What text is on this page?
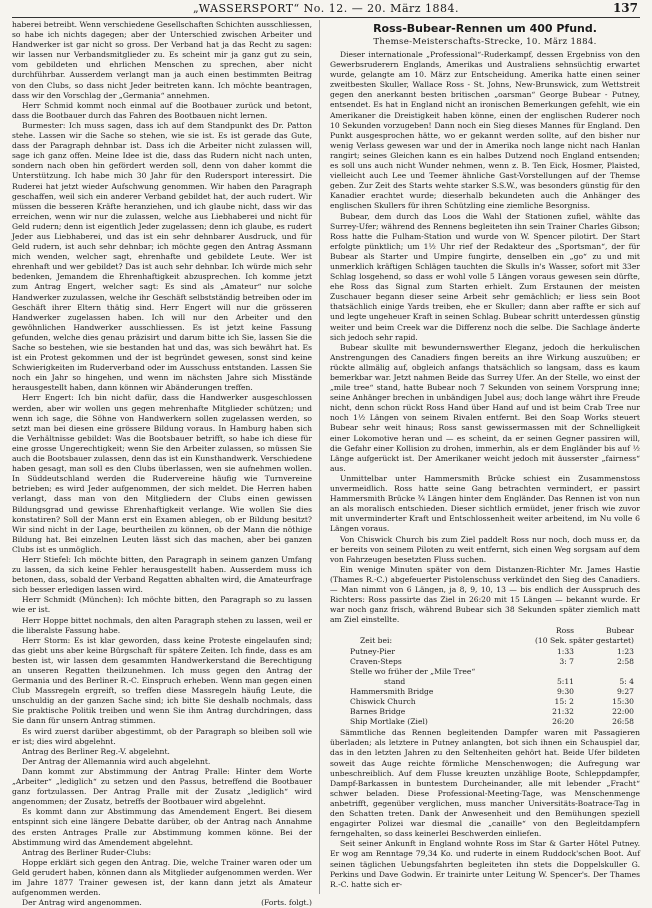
„WASSERSPORT“ No. 12. — 20. März 1884.	137

haberei betreibt. Wenn verschiedene Gesellschaften Schichten ausschliessen, so habe ich nichts dagegen; aber der Unterschied zwischen Arbeiter und Handwerker ist gar nicht so gross. Der Verband hat ja das Recht zu sagen: wir lassen nur Verbandsmitglieder zu. Es scheint mir ja ganz gut zu sein, vom gebildeten und ehrlichen Menschen zu sprechen, aber nicht durchführbar. Ausserdem verlangt man ja auch einen bestimmten Beitrag von den Clubs, so dass nicht Jeder beitreten kann. Ich möchte beantragen, dass wir den Vorschlag der „Germania“ annehmen.

Herr Schmid kommt noch einmal auf die Bootbauer zurück und betont, dass die Bootbauer durch das Fahren des Bootbauen nicht lernen.

Burmester: Ich muss sagen, dass ich auf dem Standpunkt des Dr. Patton stehe. Lassen wir die Sache so stehen, wie sie ist. Es ist gerade das Gute, dass der Paragraph dehnbar ist. Dass ich die Arbeiter nicht zulassen will, sage ich ganz offen. Meine Idee ist die, dass das Rudern nicht nach unten, sondern nach oben hin gefördert werden soll, denn von daher kommt die Unterstützung. Ich habe mich 30 Jahr für den Rudersport interessirt. Die Ruderei hat jetzt wieder Aufschwung genommen. Wir haben den Paragraph geschaffen, weil sich ein anderer Verband gebildet hat, der auch rudert. Wir müssen die besseren Kräfte heranziehen, und ich glaube nicht, dass wir das erreichen, wenn wir nur die zulassen, welche aus Liebhaberei und nicht für Geld rudern; denn ist eigentlich Jeder zugelassen; denn ich glaube, es rudert Jeder aus Liebhaberei, und das ist ein sehr dehnbarer Ausdruck, und für Geld rudern, ist auch sehr dehnbar; ich möchte gegen den Antrag Assmann mich wenden, welcher sagt, ehrenhafte und gebildete Leute. Wer ist ehrenhaft und wer gebildet? Das ist auch sehr dehnbar. Ich würde mich sehr bedenken, Jemandem die Ehrenhaftigkeit abzusprechen. Ich komme jetzt zum Antrag Engert, welcher sagt: Es sind als „Amateur“ nur solche Handwerker zuzulassen, welche ihr Geschäft selbstständig betreiben oder im Geschäft ihrer Eltern thätig sind. Herr Engert will nur die grösseren Handwerker zugelassen haben. Ich will nur den Arbeiter und den gewöhnlichen Handwerker ausschliessen. Es ist jetzt keine Fassung gefunden, welche dies genau präzisirt und darum bitte ich Sie, lassen Sie die Sache so bestehen, wie sie bestanden hat und das, was sich bewährt hat. Es ist ein Protest gekommen und der ist begründet gewesen, sonst sind keine Schwierigkeiten im Ruderverband oder im Ausschuss entstanden. Lassen Sie noch ein Jahr so hingehen, und wenn im nächsten Jahre sich Misstände herausgestellt haben, dann können wir Abänderungen treffen.

Herr Engert: Ich bin nicht dafür, dass die Handwerker ausgeschlossen werden, aber wir wollen uns gegen mehrenhafte Mitglieder schützen; und wenn ich sage, die Söhne von Handwerkern sollen zugelassen werden, so setzt man bei diesen eine grössere Bildung voraus. In Hamburg haben sich die Verhältnisse gebildet: Was die Bootsbauer betrifft, so habe ich diese für eine grosse Ungerechtigkeit; wenn Sie den Arbeiter zulassen, so müssen Sie auch die Bootsbauer zulassen, denn das ist ein Kunsthandwerk. Verschiedene haben gesagt, man soll es den Clubs überlassen, wen sie aufnehmen wollen. In Süddeutschland werden die Rudervereine häufig wie Turnvereine betrieben; es wird Jeder aufgenommen, der sich meldet. Die Herren haben verlangt, dass man von den Mitgliedern der Clubs einen gewissen Bildungsgrad und gewisse Ehrenhaftigkeit verlange. Wie wollen Sie dies konstatiren? Soll der Mann erst ein Examen ablegen, ob er Bildung besitzt? Wir sind nicht in der Lage, beurtheilen zu können, ob der Mann die nöthige Bildung hat. Bei einzelnen Leuten lässt sich das machen, aber bei ganzen Clubs ist es unmöglich.

Herr Stiefel: Ich möchte bitten, den Paragraph in seinem ganzen Umfang zu lassen, da sich keine Fehler herausgestellt haben. Ausserdem muss ich betonen, dass, sobald der Verband Regatten abhalten wird, die Amateurfrage sich besser erledigen lassen wird.

Herr Schmidt (München): Ich möchte bitten, den Paragraph so zu lassen wie er ist.

Herr Hoppe bittet nochmals, den alten Paragraph stehen zu lassen, weil er die liberalste Fassung habe.

Herr Storm: Es ist klar geworden, dass keine Proteste eingelaufen sind; das giebt uns aber keine Bürgschaft für spätere Zeiten. Ich finde, dass es am besten ist, wir lassen dem gesammten Handwerkerstand die Berechtigung an unseren Regatten theilzunehmen. Ich muss gegen den Antrag der Germania und des Berliner R.-C. Einspruch erheben. Wenn man gegen einen Club Massregeln ergreift, so treffen diese Massregeln häufig Leute, die unschuldig an der ganzen Sache sind; ich bitte Sie deshalb nochmals, dass Sie praktische Politik treiben und wenn Sie ihm Antrag durchdringen, dass Sie dann für unsern Antrag stimmen.

Es wird zuerst darüber abgestimmt, ob der Paragraph so bleiben soll wie er ist; dies wird abgelehnt.

Antrag des Berliner Reg.-V. abgelehnt.

Der Antrag der Allemannia wird auch abgelehnt.

Dann kommt zur Abstimmung der Antrag Pralle: Hinter dem Worte „Arbeiter“ „lediglich“ zu setzen und den Passus, betreffend die Bootbauer ganz fortzulassen. Der Antrag Pralle mit der Zusatz „lediglich“ wird angenommen; der Zusatz, betreffs der Bootbauer wird abgelehnt.

Es kommt dann zur Abstimmung das Amendement Engert. Bei diesem entspinnt sich eine längere Debatte darüber, ob der Antrag nach Annahme des ersten Antrages Pralle zur Abstimmung kommen könne. Bei der Abstimmung wird das Amendement abgelehnt.

Antrag des Berliner Ruder-Clubs:

Hoppe erklärt sich gegen den Antrag. Die, welche Trainer waren oder um Geld gerudert haben, können dann als Mitglieder aufgenommen werden. Wer im Jahre 1877 Trainer gewesen ist, der kann dann jetzt als Amateur aufgenommen werden.

Der Antrag wird angenommen.	(Forts. folgt.)

Ross-Bubear-Rennen um 400 Pfund.
Themse-Meisterschafts-Strecke, 10. März 1884.

Dieser internationale „Professional“-Ruderkampf, dessen Ergebniss von den Gewerbsruderern Englands, Amerikas und Australiens sehnsüchtig erwartet wurde, gelangte am 10. März zur Entscheidung. Amerika hatte einen seiner zweitbesten Skuller, Wallace Ross - St. Johns, New-Brunswick, zum Wettstreit gegen den anerkannt besten britischen „oarsman“ George Bubear - Putney, entsendet. Es hat in England nicht an ironischen Bemerkungen gefehlt, wie ein Amerikaner die Dreistigkeit haben könne, einen der englischen Ruderer noch 10 Sekunden vorzugeben! Dann noch ein Sieg dieses Mannes für England. Den Punkt ausgesprochen hätte, wo er gekannt werden sollte, auf den bisher nur wenig Verlass gewesen war und der in Amerika noch lange nicht nach Hanlan rangirt; seines Gleichen kann es ein halbes Dutzend noch England entsenden; es soll uns auch nicht Wunder nehmen, wenn z. B. Ten Eick, Hosmer, Plaisted, vielleicht auch Lee und Teemer ähnliche Gast-Vorstellungen auf der Themse geben. Zur Zeit des Starts wehte starker S.S.W., was besonders günstig für den Kanadier erachtet wurde; dieserhalb bekundeten auch die Anhänger des englischen Skullers für ihren Schützling eine ziemliche Besorgniss.

Bubear, dem durch das Loos die Wahl der Stationen zufiel, wählte das Surrey-Ufer; während des Rennens begleiteten ihn sein Trainer Charles Gibson; Ross hatte die Fulham-Station und wurde von W. Spencer pilotirt. Der Start erfolgte pünktlich; um 1½ Uhr rief der Redakteur des „Sportsman“, der für Bubear als Starter und Umpire fungirte, denselben ein „go“ zu und mit unmerklich kräftigen Schlägen tauchten die Skulls in's Wasser, sofort mit 33er Schlag losgehend, so dass er wohl volle 5 Längen voraus gewesen sein dürfte, ehe Ross das Signal zum Starten erhielt. Zum Erstaunen der meisten Zuschauer begann dieser seine Arbeit sehr gemächlich; er liess sein Boot thatsächlich einige Yards treiben, ehe er Skuller; dann aber raffte er sich auf und legte ungeheuer Kraft in seinen Schlag. Bubear schritt unterdessen günstig weiter und beim Creek war die Differenz noch die selbe. Die Sachlage änderte sich jedoch sehr rapid.

Bubear skullte mit bewundernswerther Eleganz, jedoch die herkulischen Anstrengungen des Canadiers fingen bereits an ihre Wirkung auszuüben; er rückte allmälig auf, obgleich anfangs thatsächlich so langsam, dass es kaum bemerkbar war. Jetzt nahmen Beide das Surrey Ufer. An der Stelle, wo einst der „mile tree“ stand, hatte Bubear noch 7 Sekunden von seinem Vorsprung inne; seine Anhänger brechen in unbändigen Jubel aus; doch lange währt ihre Freude nicht, denn schon rückt Ross Hand über Hand auf und ist beim Crab Tree nur noch 1½ Längen von seinem Rivalen entfernt. Bei den Soap Works steuert Bubear sehr weit hinaus; Ross sanst gewissermassen mit der Schnelligkeit einer Lokomotive heran und — es scheint, da er seinen Gegner passiren will, die Gefahr einer Kollision zu drohen, immerhin, als er dem Engländer bis auf ½ Länge aufgerückt ist. Der Amerikaner weicht jedoch mit äusserster „fairness“ aus.

Unmittelbar unter Hammersmith Brücke schiest ein Zusammenstoss unvermeidlich. Ross hatte seine Gang betrachten vermindert, er passirt Hammersmith Brücke ¾ Längen hinter dem Engländer. Das Rennen ist von nun an als moralisch entschieden. Dieser sichtlich ermüdet, jener frisch wie zuvor mit unverminderter Kraft und Entschlossenheit weiter arbeitend, im Nu volle 6 Längen voraus.

Von Chiswick Church bis zum Ziel paddelt Ross nur noch, doch muss er, da er bereits von seinem Piloten zu weit entfernt, sich einen Weg sorgsam auf dem von Fahrzeugen besetzten Fluss suchen.

Ein wenige Minuten später von dem Distanzen-Richter Mr. James Hastie (Thames R.-C.) abgefeuerter Pistolenschuss verkündet den Sieg des Canadiers. — Man nimmt von 6 Längen, ja 8, 9, 10, 13 — bis endlich der Ausspruch des Richters: Ross passirte das Ziel in 26:20 mit 15 Längen — bekannt wurde. Er war noch ganz frisch, während Bubear sich 38 Sekunden später ziemlich matt am Ziel einstellte.

	Ross	Bubear
Zeit bei:	(10 Sek. später gestartet)	
Putney-Pier	1:33	1:23
Craven-Steps	3: 7	2:58
Stelle wo früher der „Mile Tree“		
stand	5:11	5: 4
Hammersmith Bridge	9:30	9:27
Chiswick Church	15: 2	15:30
Barnes Bridge	21:32	22:00
Ship Mortlake (Ziel)	26:20	26:58

Sämmtliche das Rennen begleitenden Dampfer waren mit Passagieren überladen; als letztere in Putney anlangten, bot sich ihnen ein Schauspiel dar, das in den letzten Jahren zu den Seltenheiten gehört hat. Beide Ufer bildeten soweit das Auge reichte förmliche Menschenwogen; die Aufregung war unbeschreiblich. Auf dem Flusse kreuzten unzählige Boote, Schleppdampfer, Dampf-Barkassen in buntestem Durcheinander, alle mit lebender „Fracht“ schwer beladen. Diese Professional-Meeting-Tage, was Menschenmenge anbetrifft, gegenüber verglichen, muss mancher Universitäts-Boatrace-Tag in den Schatten treten. Dank der Anwesenheit und den Bemühungen speziell engagirter Polizei war diesmal die „canaille“ von den Begleitdampfern ferngehalten, so dass keinerlei Beschwerden einliefen.

Seit seiner Ankunft in England wohnte Ross im Star & Garter Hôtel Putney. Er wog am Renntage 79,34 Ko. und ruderte in einem Ruddock'schen Boot. Auf seinen täglichen Uebungsfahrten begleiteten ihn stets die Doppelskuller G. Perkins und Dave Godwin. Er trainirte unter Leitung W. Spencer's. Der Thames R.-C. hatte sich er-
